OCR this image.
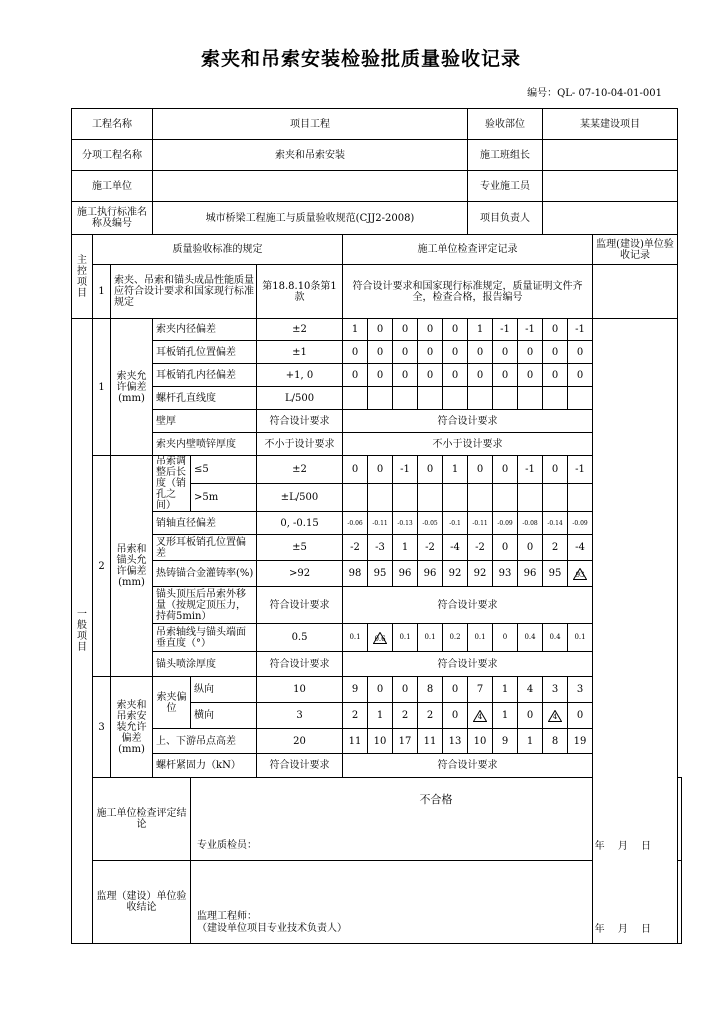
索夹和吊索安装检验批质量验收记录
编号：QL- 07-10-04-01-001
工程名称			项目工程								验收部位			某某建设项目		
分项工程名称			索夹和吊索安装								施工班组长					
施工单位											专业施工员					
施工执行标准名称及编号			城市桥梁工程施工与质量验收规范(CJJ2-2008)								项目负责人					
主控项目	质量验收标准的规定					施工单位检查评定记录										监理(建设)单位验收记录
	1	索夹、吊索和锚头成品性能质量应符合设计要求和国家现行标准规定			第18.8.10条第1款	符合设计要求和国家现行标准规定，质量证明文件齐全，检查合格，报告编号										
一般项目	1	索夹允许偏差(mm)	索夹内径偏差		±2	1	0	0	0	0	1	-1	-1	0	-1	
			耳板销孔位置偏差		±1	0	0	0	0	0	0	0	0	0	0	
			耳板销孔内径偏差		+1, 0	0	0	0	0	0	0	0	0	0	0	
			螺杆孔直线度		L/500											
			壁厚		符合设计要求	符合设计要求										
			索夹内壁喷锌厚度		不小于设计要求	不小于设计要求										
	2	吊索和锚头允许偏差(mm)	吊索调整后长度（销孔之间）	≤5	±2	0	0	-1	0	1	0	0	-1	0	-1	
				>5m	±L/500											
			销轴直径偏差		0, -0.15	-0.06	-0.11	-0.13	-0.05	-0.1	-0.11	-0.09	-0.08	-0.14	-0.09	
			叉形耳板销孔位置偏差		±5	-2	-3	1	-2	-4	-2	0	0	2	-4	
			热铸锚合金灌铸率(%)		>92	98	95	96	96	92	92	93	96	95	93	

			锚头顶压后吊索外移量（按规定顶压力，持荷5min）		符合设计要求	符合设计要求										
			吊索轴线与锚头端面垂直度（°）		0.5	0.1	0.6	0.1	0.1	0.2	0.1	0	0.4	0.4	0.1	
			锚头喷涂厚度		符合设计要求	符合设计要求										

	3	索夹和吊索安装允许偏差(mm)	索夹偏位	纵向	10	9	0	0	8	0	7	1	4	3	3	
				横向	3	2	1	2	2	0	4	1	0	4	0	
			上、下游吊点高差		20	11	10	17	11	13	10	9	1	8	19	
			螺杆紧固力（kN）		符合设计要求	符合设计要求										
	施工单位检查评定结论			不合格
专业质检员： 年 月 日												

	监理（建设）单位验收结论			监理工程师：
（建设单位项目专业技术负责人） 年 月 日												
